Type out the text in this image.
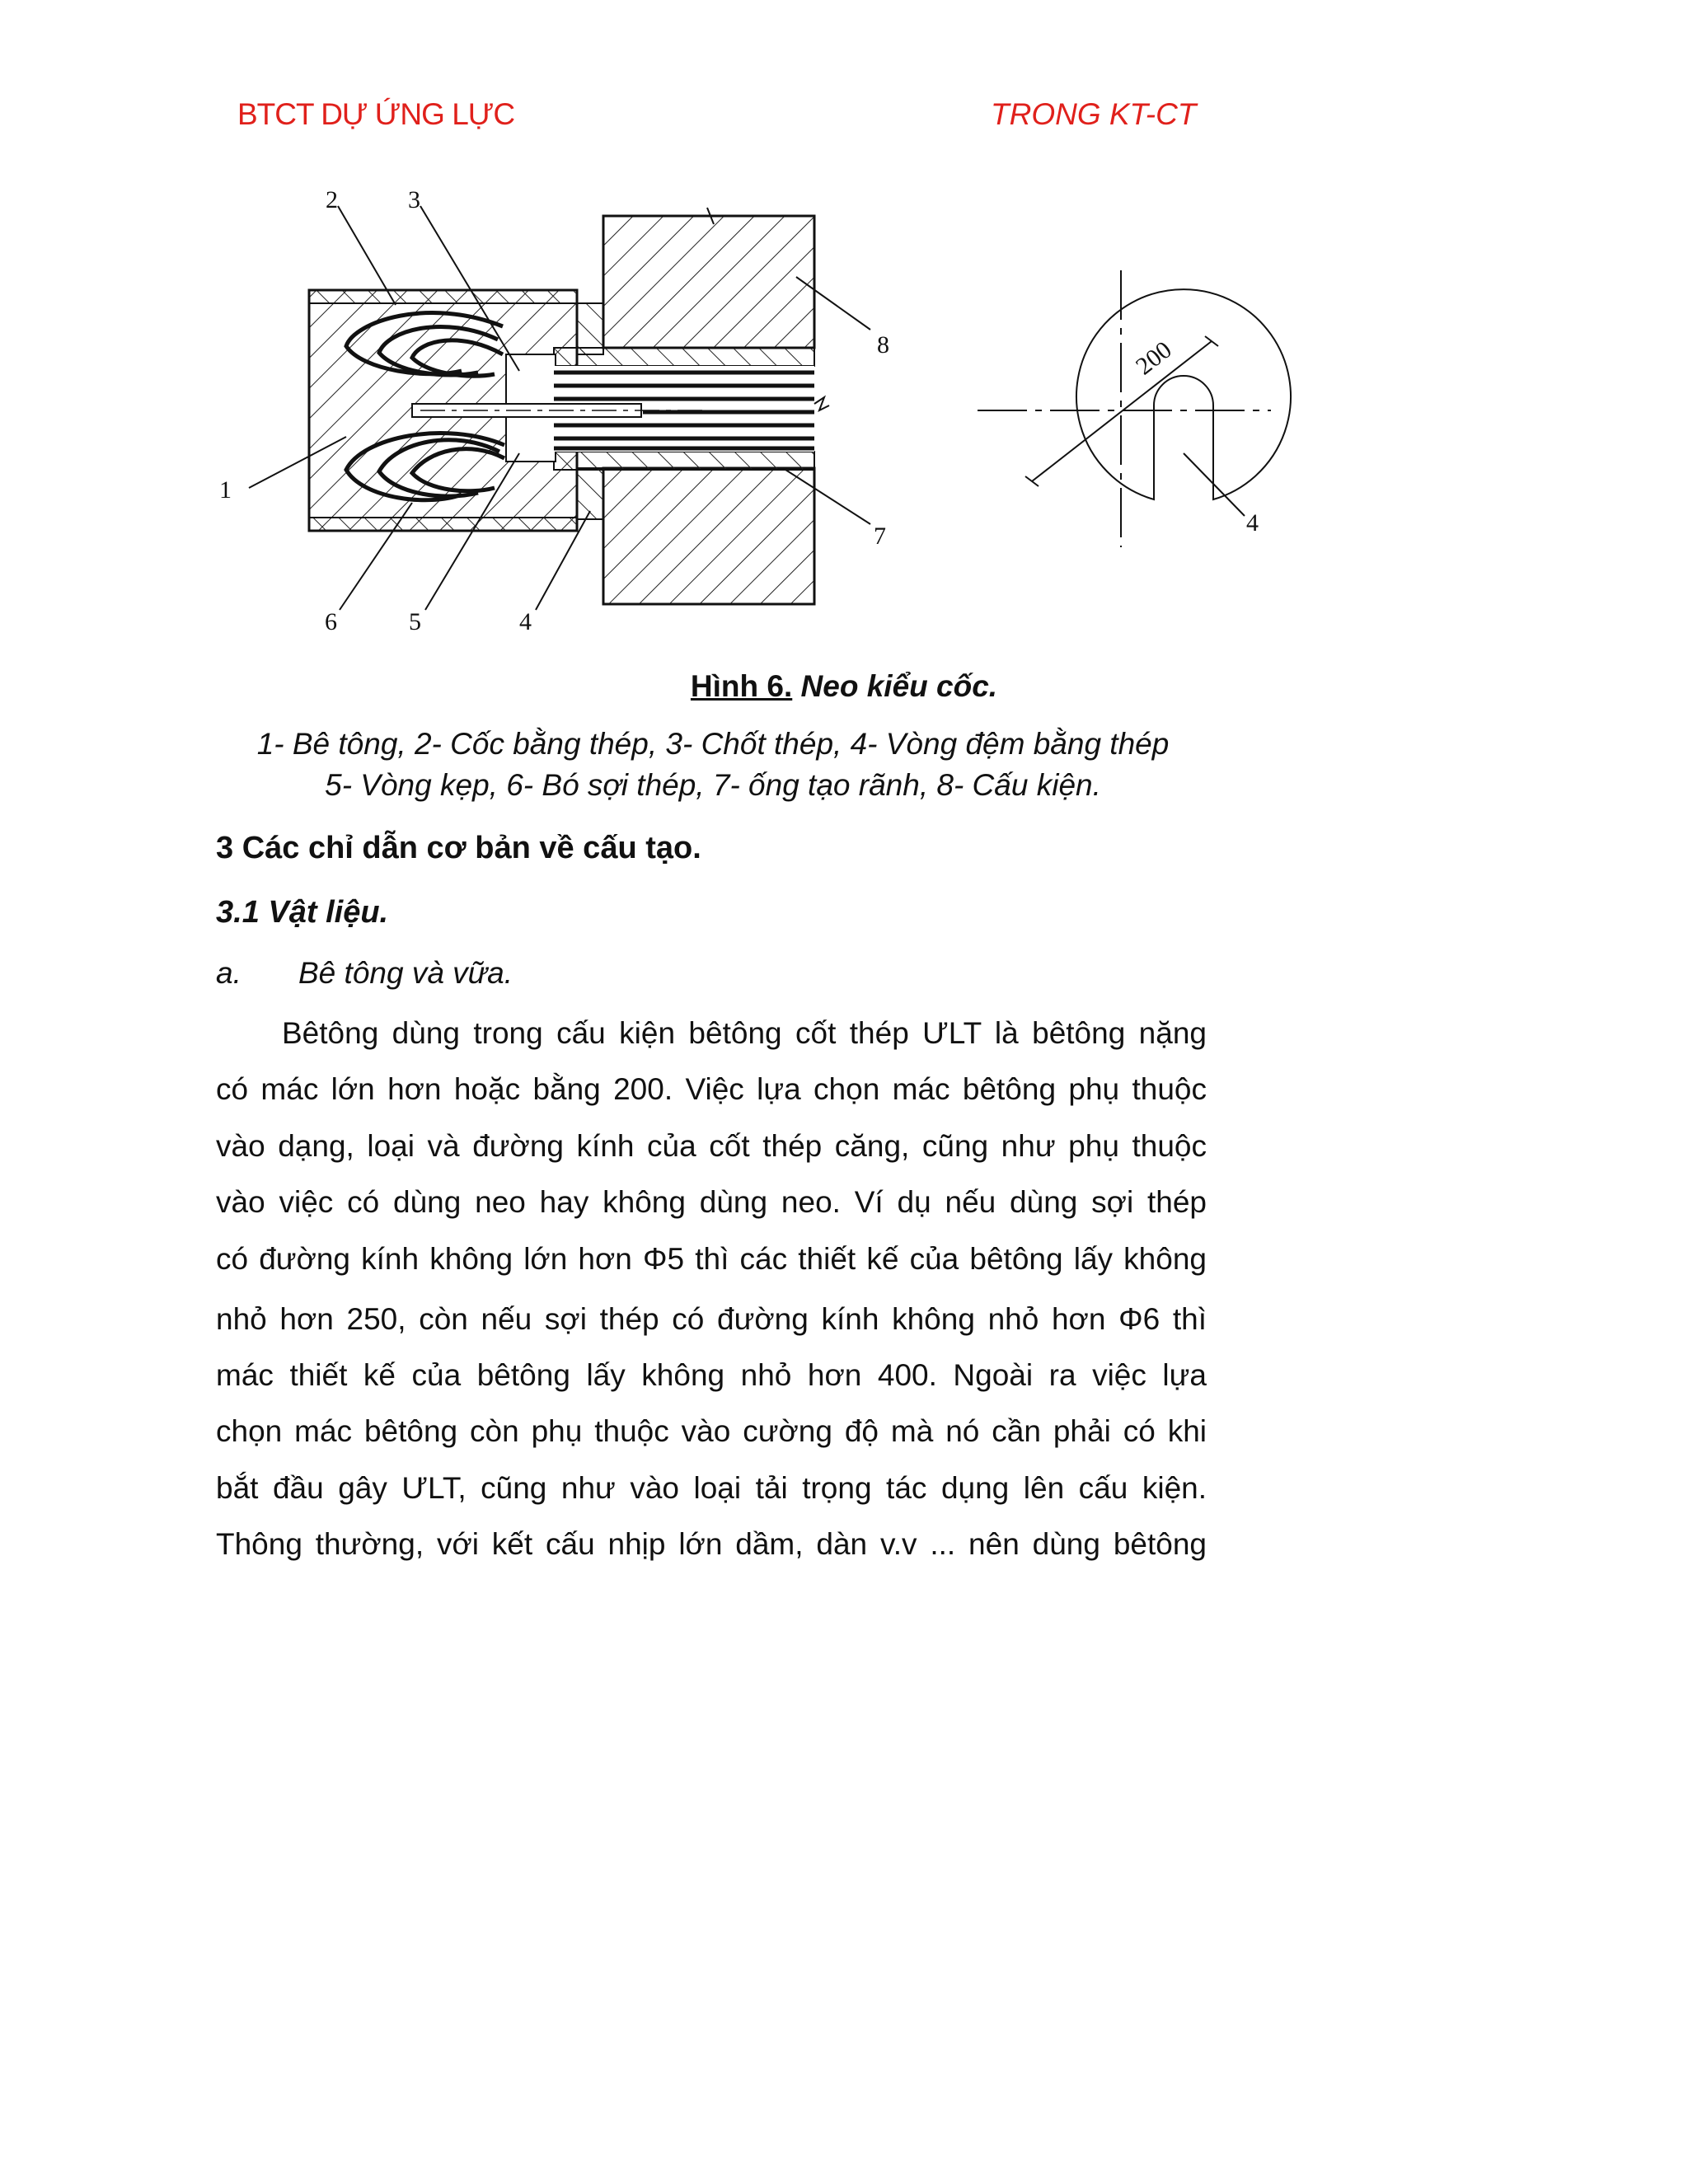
BTCT DỰ ỨNG LỰC	TRONG KT-CT
2	3
8
1
7
6	5	4
4
200
Hình 6. Neo kiểu cốc.
1- Bê tông, 2- Cốc bằng thép, 3- Chốt thép, 4- Vòng đệm bằng thép
5- Vòng kẹp, 6- Bó sợi thép, 7- ống tạo rãnh, 8- Cấu kiện.
3 Các chỉ dẫn cơ bản về cấu tạo.
3.1 Vật liệu.
a. Bê tông và vữa.
Bêtông dùng trong cấu kiện bêtông cốt thép ƯLT là bêtông nặng
có mác lớn hơn hoặc bằng 200. Việc lựa chọn mác bêtông phụ thuộc
vào dạng, loại và đường kính của cốt thép căng, cũng như phụ thuộc
vào việc có dùng neo hay không dùng neo. Ví dụ nếu dùng sợi thép
có đường kính không lớn hơn Φ5 thì các thiết kế của bêtông lấy không
nhỏ hơn 250, còn nếu sợi thép có đường kính không nhỏ hơn Φ6 thì
mác thiết kế của bêtông lấy không nhỏ hơn 400. Ngoài ra việc lựa
chọn mác bêtông còn phụ thuộc vào cường độ mà nó cần phải có khi
bắt đầu gây ƯLT, cũng như vào loại tải trọng tác dụng lên cấu kiện.
Thông thường, với kết cấu nhịp lớn dầm, dàn v.v ... nên dùng bêtông
